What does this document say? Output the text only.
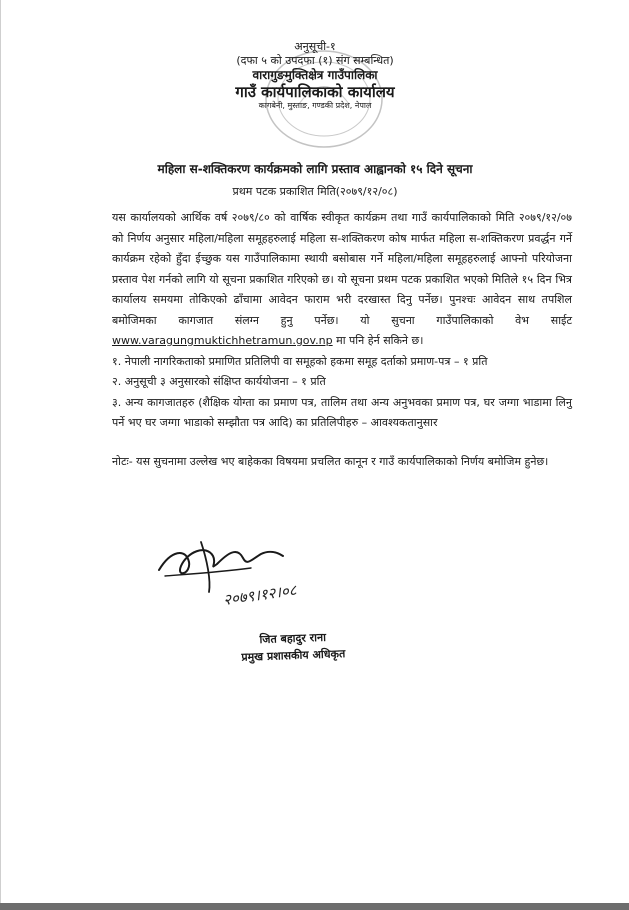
अनुसूची-१

(दफा ५ को उपदफा (१) संग सम्बन्धित)

वारागुङमुक्तिक्षेत्र गाउँपालिका

गाउँ कार्यपालिकाको कार्यालय

कागबेनी, मुस्ताङ, गण्डकी प्रदेश, नेपाल

महिला स-शक्तिकरण कार्यक्रमको लागि प्रस्ताव आह्वानको १५ दिने सूचना
प्रथम पटक प्रकाशित मिति(२०७९/१२/०८)

यस कार्यालयको आर्थिक वर्ष २०७९/८० को वार्षिक स्वीकृत कार्यक्रम तथा गाउँ कार्यपालिकाको मिति २०७९/१२/०७ को निर्णय अनुसार महिला/महिला समूहहरुलाई महिला स-शक्तिकरण कोष मार्फत महिला स-शक्तिकरण प्रवर्द्धन गर्ने कार्यक्रम रहेको हुँदा ईच्छुक यस गाउँपालिकामा स्थायी बसोबास गर्ने महिला/महिला समूहहरुलाई आफ्नो परियोजना प्रस्ताव पेश गर्नको लागि यो सूचना प्रकाशित गरिएको छ। यो सूचना प्रथम पटक प्रकाशित भएको मितिले १५ दिन भित्र कार्यालय समयमा तोकिएको ढाँचामा आवेदन फाराम भरी दरखास्त दिनु पर्नेछ। पुनश्चः आवेदन साथ तपशिल बमोजिमका कागजात संलग्न हुनु पर्नेछ। यो सुचना गाउँपालिकाको वेभ साईट www.varagungmuktichhetramun.gov.np मा पनि हेर्न सकिने छ।

१. नेपाली नागरिकताको प्रमाणित प्रतिलिपी वा समूहको हकमा समूह दर्ताको प्रमाण-पत्र – १ प्रति
२. अनुसूची ३ अनुसारको संक्षिप्त कार्ययोजना – १ प्रति
३. अन्य कागजातहरु (शैक्षिक योग्ता का प्रमाण पत्र, तालिम तथा अन्य अनुभवका प्रमाण पत्र, घर जग्गा भाडामा लिनु पर्ने भए घर जग्गा भाडाको सम्झौता पत्र आदि) का प्रतिलिपीहरु – आवश्यकतानुसार

नोटः- यस सुचनामा उल्लेख भए बाहेकका विषयमा प्रचलित कानून र गाउँ कार्यपालिकाको निर्णय बमोजिम हुनेछ।

२०७९।१२।०८
जित बहादुर राना
प्रमुख प्रशासकीय अधिकृत
